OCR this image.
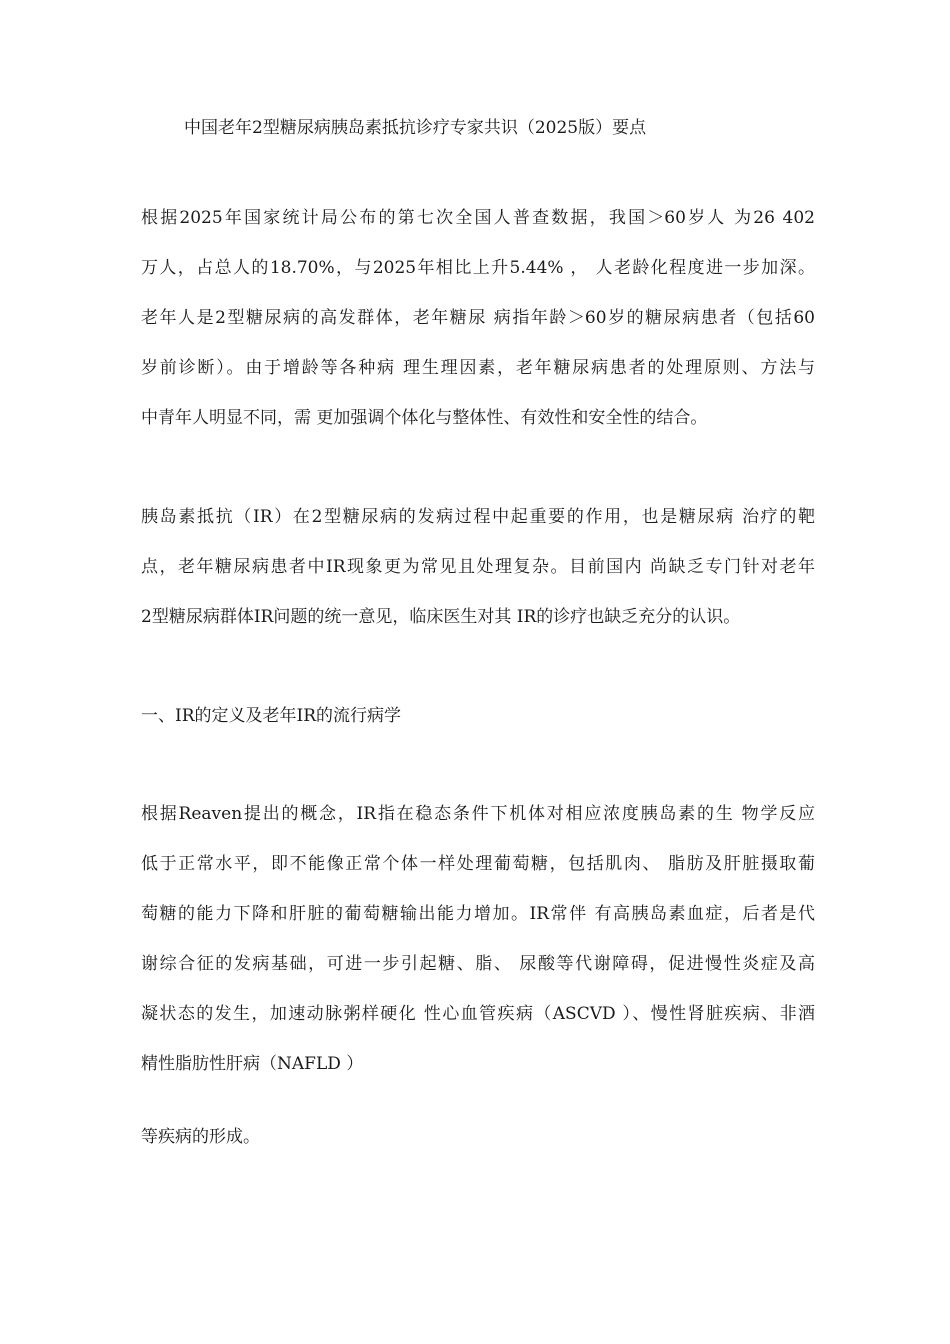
中国老年2型糖尿病胰岛素抵抗诊疗专家共识（2025版）要点
根据2025年国家统计局公布的第七次全国人普查数据，我国＞60岁人 为26 402
万人，占总人的18.70%，与2025年相比上升5.44% ， 人老龄化程度进一步加深。
老年人是2型糖尿病的高发群体，老年糖尿 病指年龄＞60岁的糖尿病患者（包括60
岁前诊断）。由于增龄等各种病 理生理因素，老年糖尿病患者的处理原则、方法与
中青年人明显不同，需 更加强调个体化与整体性、有效性和安全性的结合。
胰岛素抵抗（IR）在2型糖尿病的发病过程中起重要的作用，也是糖尿病 治疗的靶
点，老年糖尿病患者中IR现象更为常见且处理复杂。目前国内 尚缺乏专门针对老年
2型糖尿病群体IR问题的统一意见，临床医生对其 IR的诊疗也缺乏充分的认识。
一、IR的定义及老年IR的流行病学
根据Reaven提出的概念，IR指在稳态条件下机体对相应浓度胰岛素的生 物学反应
低于正常水平，即不能像正常个体一样处理葡萄糖，包括肌肉、 脂肪及肝脏摄取葡
萄糖的能力下降和肝脏的葡萄糖输出能力增加。IR常伴 有高胰岛素血症，后者是代
谢综合征的发病基础，可进一步引起糖、脂、 尿酸等代谢障碍，促进慢性炎症及高
凝状态的发生，加速动脉粥样硬化 性心血管疾病（ASCVD ）、慢性肾脏疾病、非酒
精性脂肪性肝病（NAFLD ）
等疾病的形成。
